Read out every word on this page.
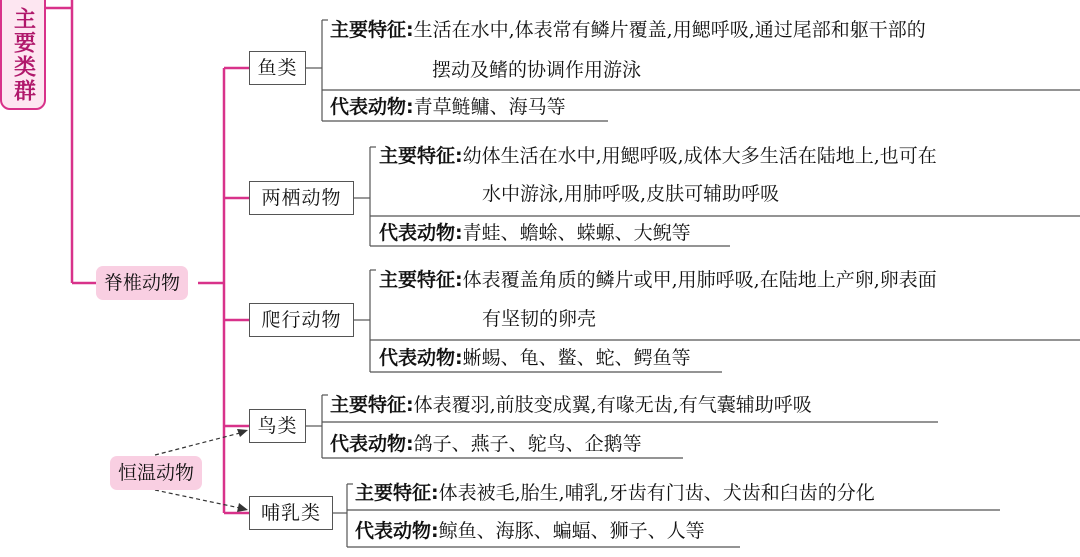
主要类群
脊椎动物
恒温动物
鱼类
主要特征:生活在水中,体表常有鳞片覆盖,用鳃呼吸,通过尾部和躯干部的
摆动及鳍的协调作用游泳
代表动物:青草鲢鳙、海马等
两栖动物
主要特征:幼体生活在水中,用鳃呼吸,成体大多生活在陆地上,也可在
水中游泳,用肺呼吸,皮肤可辅助呼吸
代表动物:青蛙、蟾蜍、蝾螈、大鲵等
爬行动物
主要特征:体表覆盖角质的鳞片或甲,用肺呼吸,在陆地上产卵,卵表面
有坚韧的卵壳
代表动物:蜥蜴、龟、鳖、蛇、鳄鱼等
鸟类
主要特征:体表覆羽,前肢变成翼,有喙无齿,有气囊辅助呼吸
代表动物:鸽子、燕子、鸵鸟、企鹅等
哺乳类
主要特征:体表被毛,胎生,哺乳,牙齿有门齿、犬齿和臼齿的分化
代表动物:鲸鱼、海豚、蝙蝠、狮子、人等
